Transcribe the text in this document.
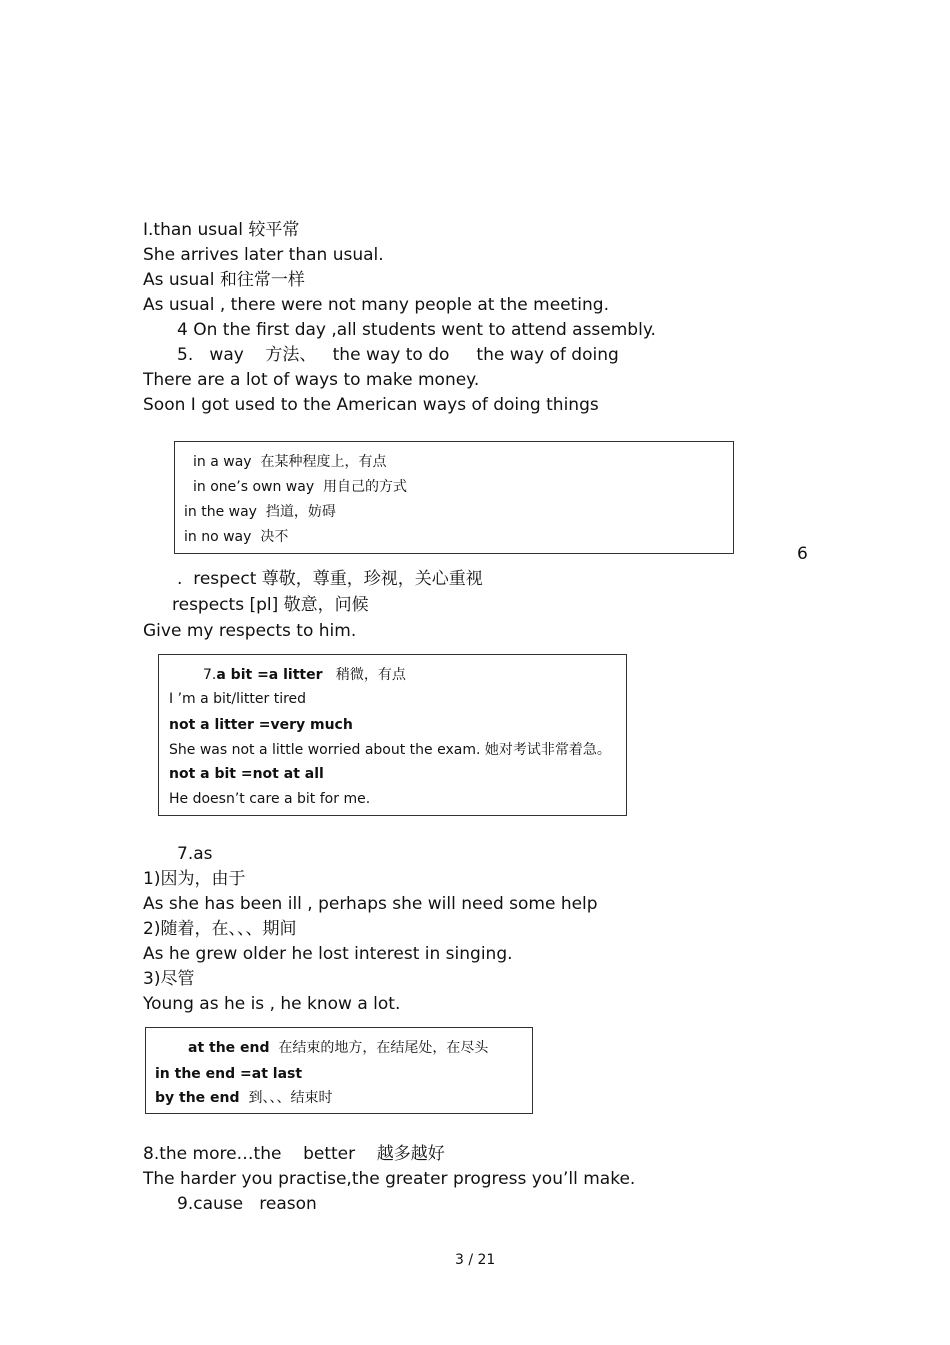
I.than usual 较平常
She arrives later than usual.
As usual 和往常一样
As usual , there were not many people at the meeting.
4 On the first day ,all students went to attend assembly.
5.   way    方法、   the way to do     the way of doing
There are a lot of ways to make money.
Soon I got used to the American ways of doing things
in a way  在某种程度上，有点
in one’s own way  用自己的方式
in the way  挡道，妨碍
in no way  决不
6
.  respect 尊敬，尊重，珍视，关心重视
respects [pl] 敬意，问候
Give my respects to him.
7.a bit =a litter   稍微，有点
I ’m a bit/litter tired
not a litter =very much
She was not a little worried about the exam. 她对考试非常着急。
not a bit =not at all
He doesn’t care a bit for me.
7.as
1)因为，由于
As she has been ill , perhaps she will need some help
2)随着，在、、、期间
As he grew older he lost interest in singing.
3)尽管
Young as he is , he know a lot.
at the end  在结束的地方，在结尾处，在尽头
in the end =at last
by the end  到、、、结束时
8.the more…the    better    越多越好
The harder you practise,the greater progress you’ll make.
9.cause   reason
3 / 21
